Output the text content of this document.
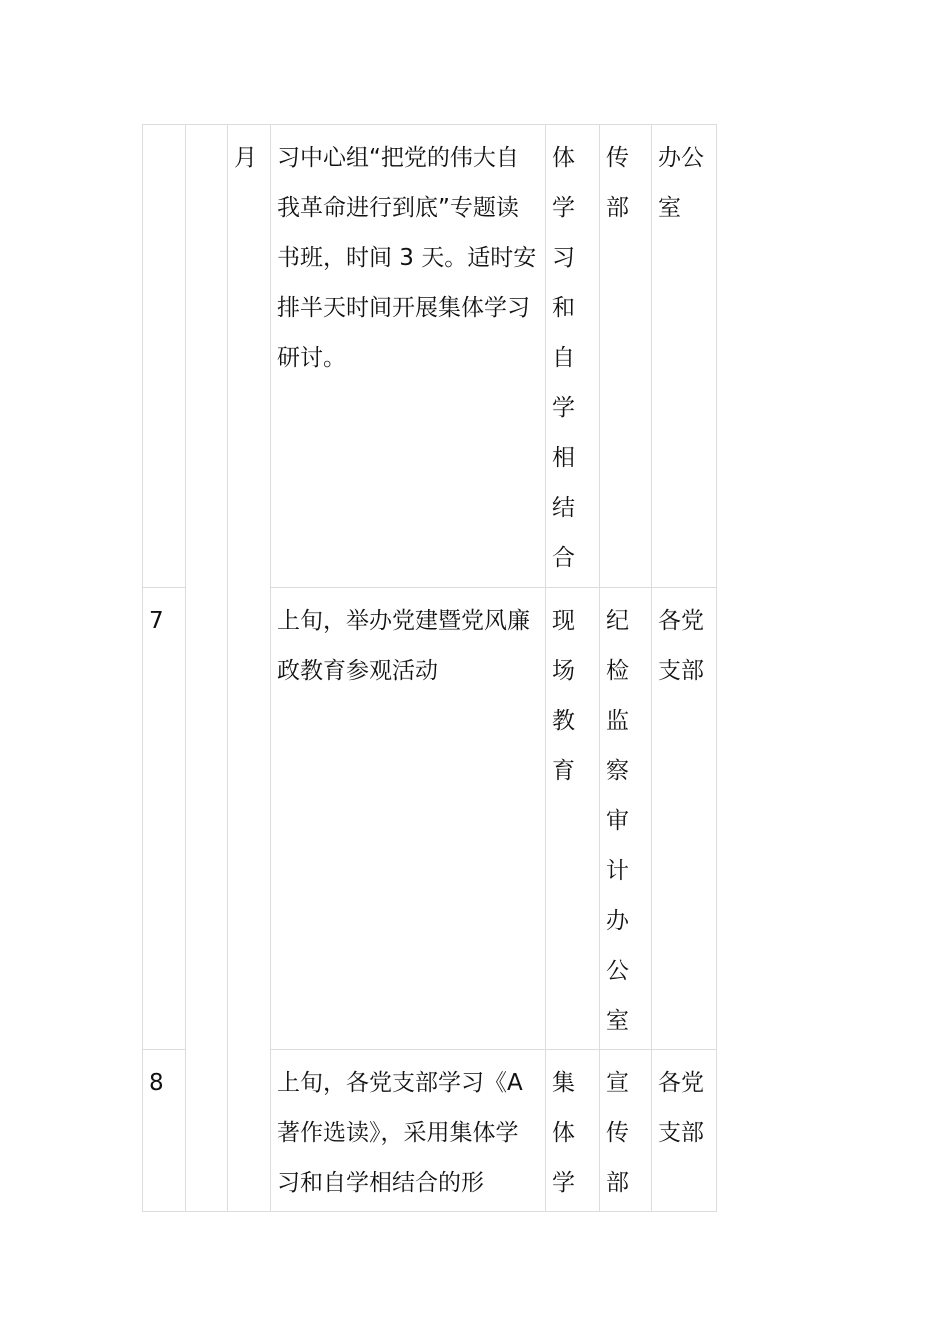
		月	习中心组“把党的伟大自我革命进行到底”专题读书班，时间 3 天。适时安排半天时间开展集体学习研讨。	体学习和自学相结合	传部	办公室

7			上旬，举办党建暨党风廉政教育参观活动	现场教育	纪检监察审计办公室	各党支部

8			上旬，各党支部学习《A著作选读》，采用集体学习和自学相结合的形	集体学	宣传部	各党支部
